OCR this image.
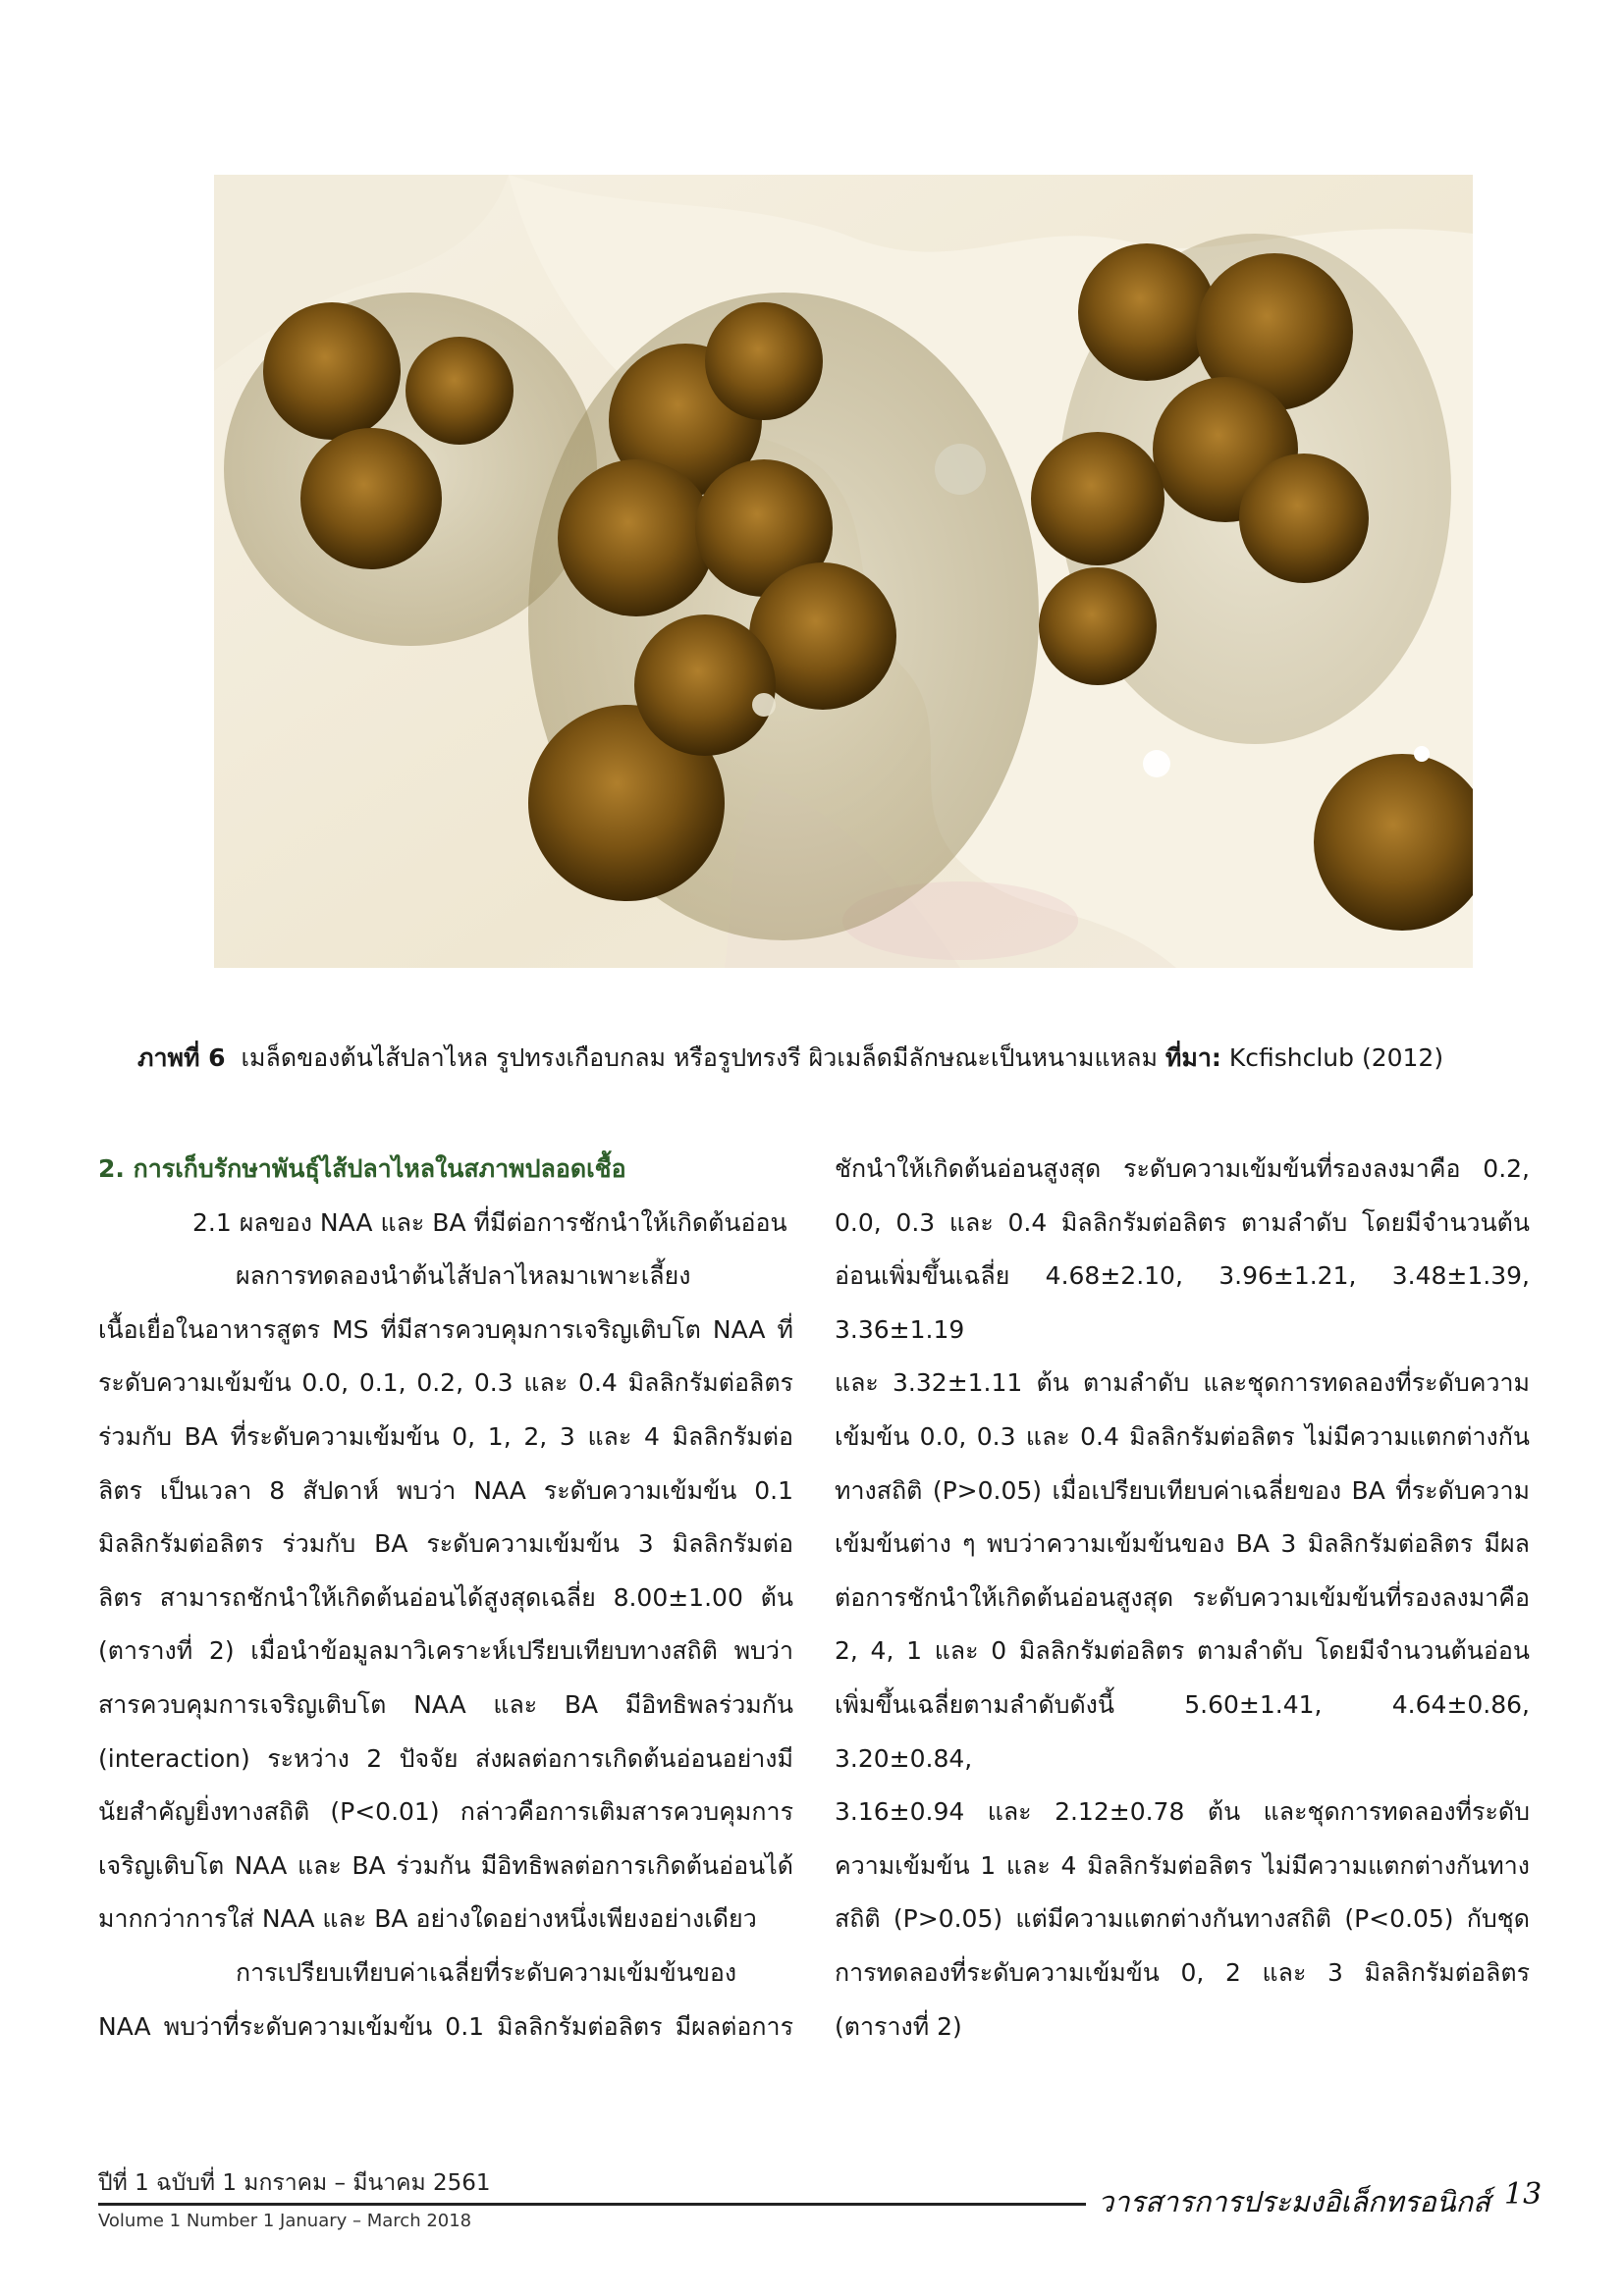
ภาพที่ 6 เมล็ดของต้นไส้ปลาไหล รูปทรงเกือบกลม หรือรูปทรงรี ผิวเมล็ดมีลักษณะเป็นหนามแหลม ที่มา: Kcfishclub (2012)

2. การเก็บรักษาพันธุ์ไส้ปลาไหลในสภาพปลอดเชื้อ

2.1 ผลของ NAA และ BA ที่มีต่อการชักนำให้เกิดต้นอ่อน

ผลการทดลองนำต้นไส้ปลาไหลมาเพาะเลี้ยง

เนื้อเยื่อในอาหารสูตร MS ที่มีสารควบคุมการเจริญเติบโต NAA ที่

ระดับความเข้มข้น 0.0, 0.1, 0.2, 0.3 และ 0.4 มิลลิกรัมต่อลิตร

ร่วมกับ BA ที่ระดับความเข้มข้น 0, 1, 2, 3 และ 4 มิลลิกรัมต่อ

ลิตร เป็นเวลา 8 สัปดาห์ พบว่า NAA ระดับความเข้มข้น 0.1

มิลลิกรัมต่อลิตร ร่วมกับ BA ระดับความเข้มข้น 3 มิลลิกรัมต่อ

ลิตร สามารถชักนำให้เกิดต้นอ่อนได้สูงสุดเฉลี่ย 8.00±1.00 ต้น

(ตารางที่ 2) เมื่อนำข้อมูลมาวิเคราะห์เปรียบเทียบทางสถิติ พบว่า

สารควบคุมการเจริญเติบโต NAA และ BA มีอิทธิพลร่วมกัน

(interaction) ระหว่าง 2 ปัจจัย ส่งผลต่อการเกิดต้นอ่อนอย่างมี

นัยสำคัญยิ่งทางสถิติ (P<0.01) กล่าวคือการเติมสารควบคุมการ

เจริญเติบโต NAA และ BA ร่วมกัน มีอิทธิพลต่อการเกิดต้นอ่อนได้

มากกว่าการใส่ NAA และ BA อย่างใดอย่างหนึ่งเพียงอย่างเดียว

การเปรียบเทียบค่าเฉลี่ยที่ระดับความเข้มข้นของ

NAA พบว่าที่ระดับความเข้มข้น 0.1 มิลลิกรัมต่อลิตร มีผลต่อการ

ชักนำให้เกิดต้นอ่อนสูงสุด ระดับความเข้มข้นที่รองลงมาคือ 0.2,

0.0, 0.3 และ 0.4 มิลลิกรัมต่อลิตร ตามลำดับ โดยมีจำนวนต้น

อ่อนเพิ่มขึ้นเฉลี่ย 4.68±2.10, 3.96±1.21, 3.48±1.39, 3.36±1.19

และ 3.32±1.11 ต้น ตามลำดับ และชุดการทดลองที่ระดับความ

เข้มข้น 0.0, 0.3 และ 0.4 มิลลิกรัมต่อลิตร ไม่มีความแตกต่างกัน

ทางสถิติ (P>0.05) เมื่อเปรียบเทียบค่าเฉลี่ยของ BA ที่ระดับความ

เข้มข้นต่าง ๆ พบว่าความเข้มข้นของ BA 3 มิลลิกรัมต่อลิตร มีผล

ต่อการชักนำให้เกิดต้นอ่อนสูงสุด ระดับความเข้มข้นที่รองลงมาคือ

2, 4, 1 และ 0 มิลลิกรัมต่อลิตร ตามลำดับ โดยมีจำนวนต้นอ่อน

เพิ่มขึ้นเฉลี่ยตามลำดับดังนี้ 5.60±1.41, 4.64±0.86, 3.20±0.84,

3.16±0.94 และ 2.12±0.78 ต้น และชุดการทดลองที่ระดับ

ความเข้มข้น 1 และ 4 มิลลิกรัมต่อลิตร ไม่มีความแตกต่างกันทาง

สถิติ (P>0.05) แต่มีความแตกต่างกันทางสถิติ (P<0.05) กับชุด

การทดลองที่ระดับความเข้มข้น 0, 2 และ 3 มิลลิกรัมต่อลิตร

(ตารางที่ 2)

ปีที่ 1 ฉบับที่ 1 มกราคม – มีนาคม 2561
Volume 1 Number 1 January – March 2018
วารสารการประมงอิเล็กทรอนิกส์ 13
